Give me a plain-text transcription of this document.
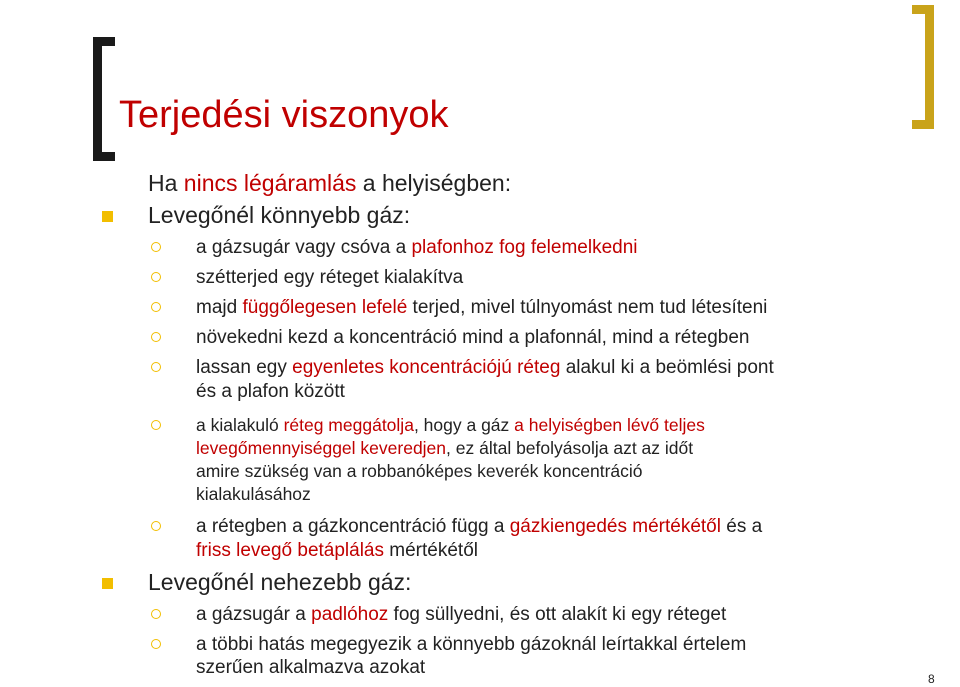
Terjedési viszonyok
Ha nincs légáramlás a helyiségben:
Levegőnél könnyebb gáz:
a gázsugár vagy csóva a plafonhoz fog felemelkedni
szétterjed egy réteget kialakítva
majd függőlegesen lefelé terjed, mivel túlnyomást nem tud létesíteni
növekedni kezd a koncentráció mind a plafonnál, mind a rétegben
lassan egy egyenletes koncentrációjú réteg alakul ki a beömlési pont
és a plafon között
a kialakuló réteg meggátolja, hogy a gáz a helyiségben lévő teljes
levegőmennyiséggel keveredjen, ez által befolyásolja azt az időt
amire szükség van a robbanóképes keverék koncentráció
kialakulásához
a rétegben a gázkoncentráció függ a gázkiengedés mértékétől és a
friss levegő betáplálás mértékétől
Levegőnél nehezebb gáz:
a gázsugár a padlóhoz fog süllyedni, és ott alakít ki egy réteget
a többi hatás megegyezik a könnyebb gázoknál leírtakkal értelem
szerűen alkalmazva azokat
8
